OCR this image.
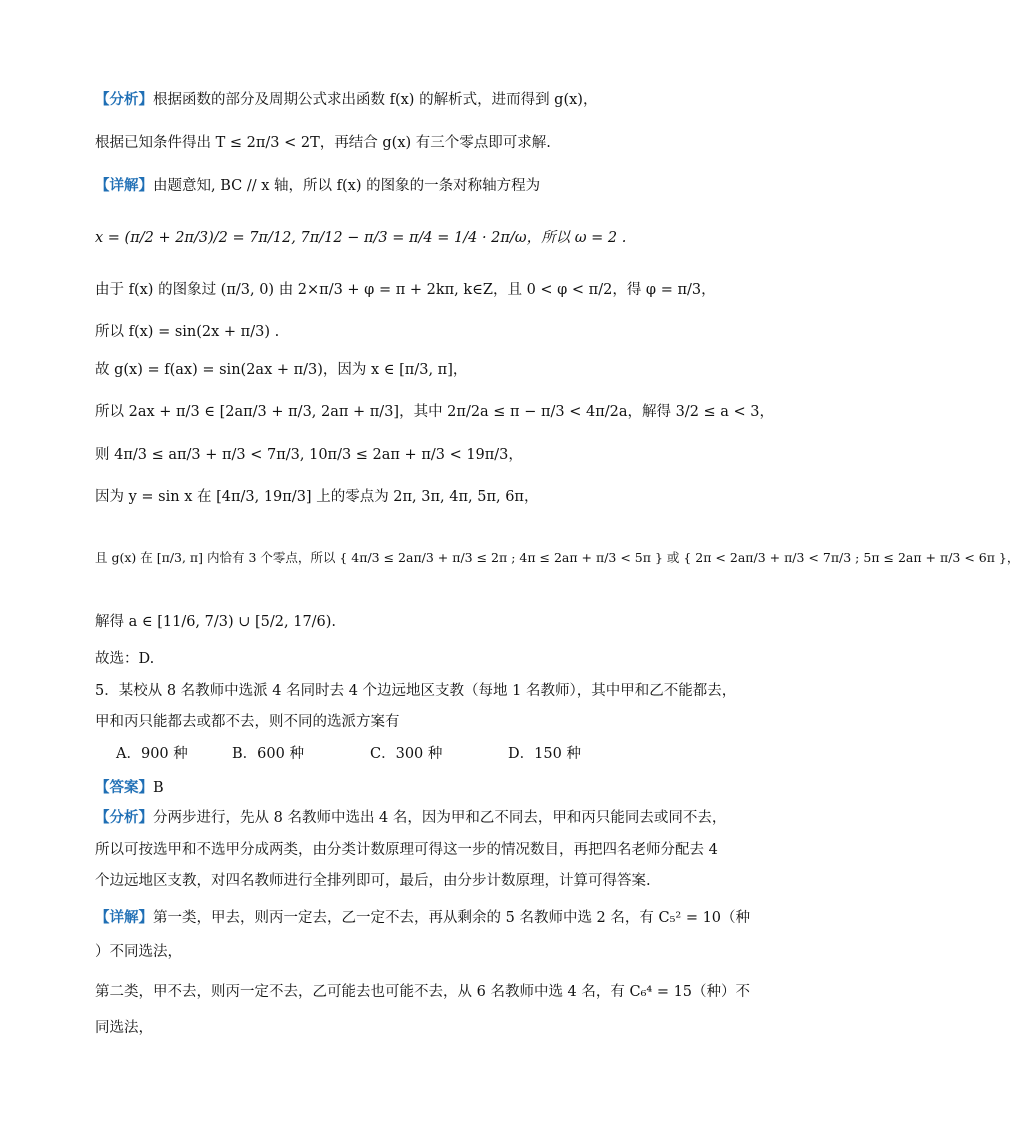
【分析】根据函数的部分及周期公式求出函数 f(x) 的解析式，进而得到 g(x)，
根据已知条件得出 T ≤ 2π/3 < 2T，再结合 g(x) 有三个零点即可求解.
【详解】由题意知, BC // x 轴，所以 f(x) 的图象的一条对称轴方程为
x = (π/2 + 2π/3)/2 = 7π/12, 7π/12 − π/3 = π/4 = 1/4 · 2π/ω，所以 ω = 2 .
由于 f(x) 的图象过 (π/3, 0) 由 2×π/3 + φ = π + 2kπ, k∈Z，且 0 < φ < π/2，得 φ = π/3，
所以 f(x) = sin(2x + π/3) .
故 g(x) = f(ax) = sin(2ax + π/3)，因为 x ∈ [π/3, π]，
所以 2ax + π/3 ∈ [2aπ/3 + π/3, 2aπ + π/3]，其中 2π/2a ≤ π − π/3 < 4π/2a，解得 3/2 ≤ a < 3，
则 4π/3 ≤ aπ/3 + π/3 < 7π/3, 10π/3 ≤ 2aπ + π/3 < 19π/3，
因为 y = sin x 在 [4π/3, 19π/3] 上的零点为 2π, 3π, 4π, 5π, 6π，
且 g(x) 在 [π/3, π] 内恰有 3 个零点，所以 { 4π/3 ≤ 2aπ/3 + π/3 ≤ 2π ; 4π ≤ 2aπ + π/3 < 5π } 或 { 2π < 2aπ/3 + π/3 < 7π/3 ; 5π ≤ 2aπ + π/3 < 6π }，
解得 a ∈ [11/6, 7/3) ∪ [5/2, 17/6).
故选：D.
5．某校从 8 名教师中选派 4 名同时去 4 个边远地区支教（每地 1 名教师），其中甲和乙不能都去，
甲和丙只能都去或都不去，则不同的选派方案有
A．900 种	B．600 种	C．300 种	D．150 种
【答案】B
【分析】分两步进行，先从 8 名教师中选出 4 名，因为甲和乙不同去，甲和丙只能同去或同不去，
所以可按选甲和不选甲分成两类，由分类计数原理可得这一步的情况数目，再把四名老师分配去 4
个边远地区支教，对四名教师进行全排列即可，最后，由分步计数原理，计算可得答案.
【详解】第一类，甲去，则丙一定去，乙一定不去，再从剩余的 5 名教师中选 2 名，有 C₅² = 10（种
）不同选法，
第二类，甲不去，则丙一定不去，乙可能去也可能不去，从 6 名教师中选 4 名，有 C₆⁴ = 15（种）不
同选法，
